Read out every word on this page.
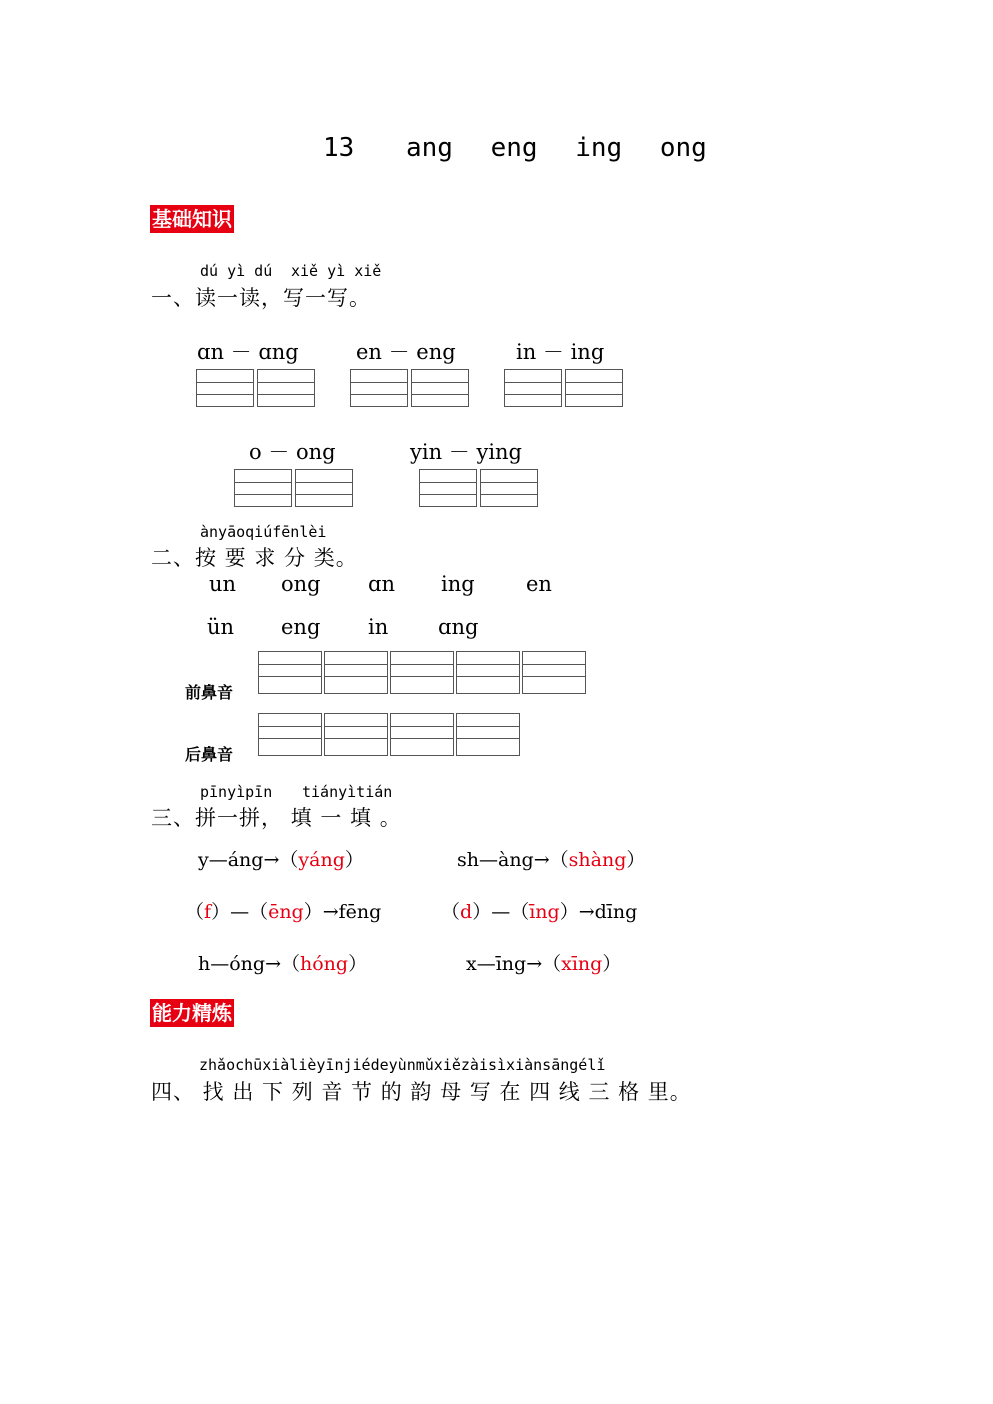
13 ang eng ing ong
基础知识
dú yì dú xiě yì xiě
一、读一读，写一写。
ɑn － ɑng	en － eng	in － ing
o － ong	yin － ying
ànyāoqiúfēnlèi
二、按 要 求 分 类。
un ong ɑn ing en
ün eng in ɑng
前鼻音
后鼻音
pīnyìpīn tiányìtián
三、拼一拼， 填 一 填 。
y—áng→（yáng）	sh—àng→（shàng）
（f）—（ēng）→fēng	（d）—（īng）→dīng
h—óng→（hóng）	x—īng→（xīng）
能力精炼
zhǎochūxiàlièyīnjiédeyùnmǔxiězàisìxiànsāngélǐ
四、 找 出 下 列 音 节 的 韵 母 写 在 四 线 三 格 里。
